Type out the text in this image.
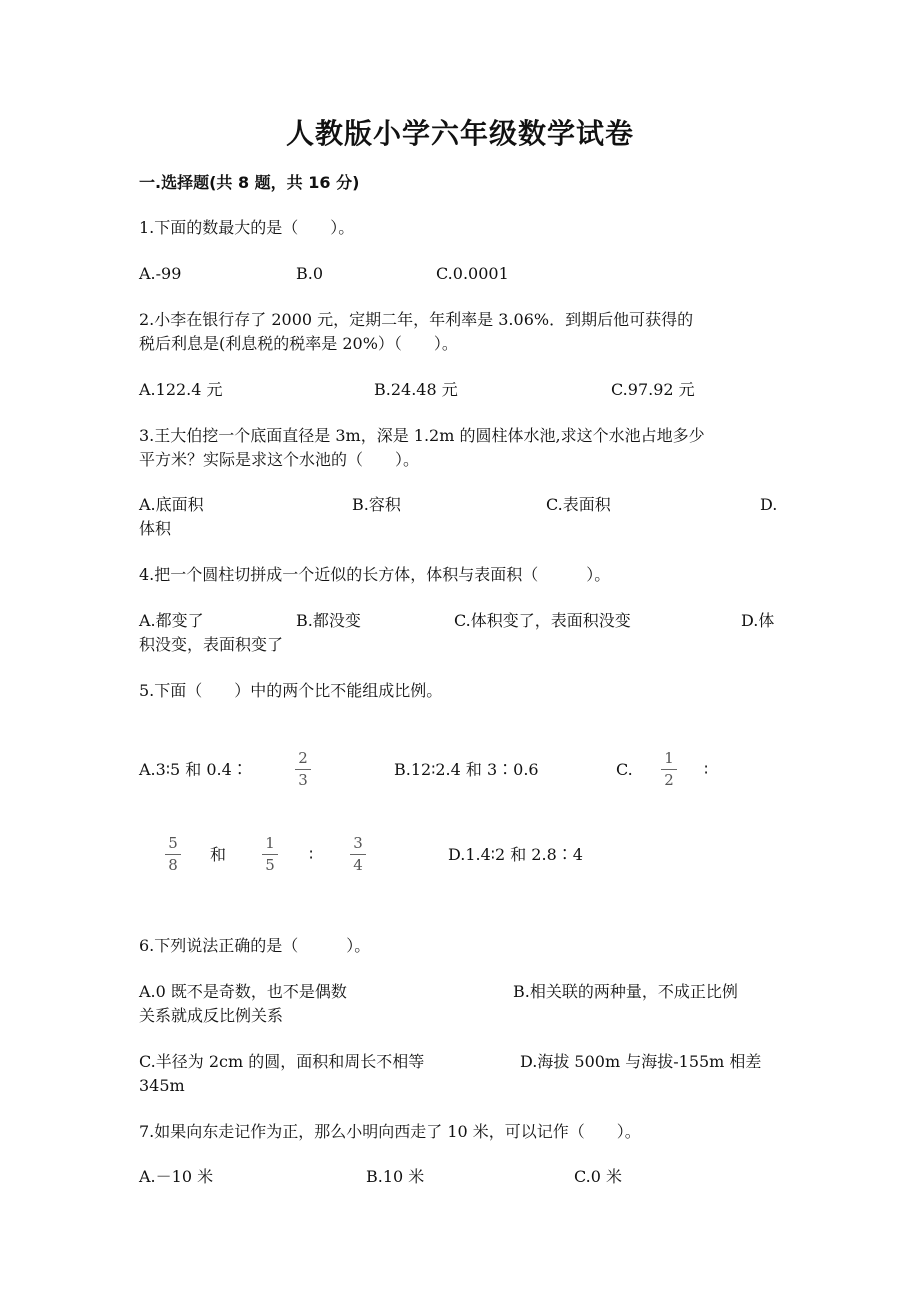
人教版小学六年级数学试卷
一.选择题(共 8 题，共 16 分)
1.下面的数最大的是（　　）。
A.-99	B.0	C.0.0001
2.小李在银行存了 2000 元，定期二年，年利率是 3.06%．到期后他可获得的
税后利息是(利息税的税率是 20%）（　　）。
A.122.4 元	B.24.48 元	C.97.92 元
3.王大伯挖一个底面直径是 3m，深是 1.2m 的圆柱体水池,求这个水池占地多少
平方米？实际是求这个水池的（　　）。
A.底面积	B.容积	C.表面积	D.
体积
4.把一个圆柱切拼成一个近似的长方体，体积与表面积（　　　）。
A.都变了	B.都没变	C.体积变了，表面积没变	D.体
积没变，表面积变了
5.下面（　　）中的两个比不能组成比例。
A.3∶5 和 0.4∶
2
3
B.12∶2.4 和 3∶0.6	C.
1
2
∶
5
8
和
1
5
∶
3
4
D.1.4∶2 和 2.8∶4
6.下列说法正确的是（　　　）。
A.0 既不是奇数，也不是偶数	B.相关联的两种量，不成正比例
关系就成反比例关系
C.半径为 2cm 的圆，面积和周长不相等	D.海拔 500m 与海拔-155m 相差
345m
7.如果向东走记作为正，那么小明向西走了 10 米，可以记作（　　）。
A.－10 米	B.10 米	C.0 米
